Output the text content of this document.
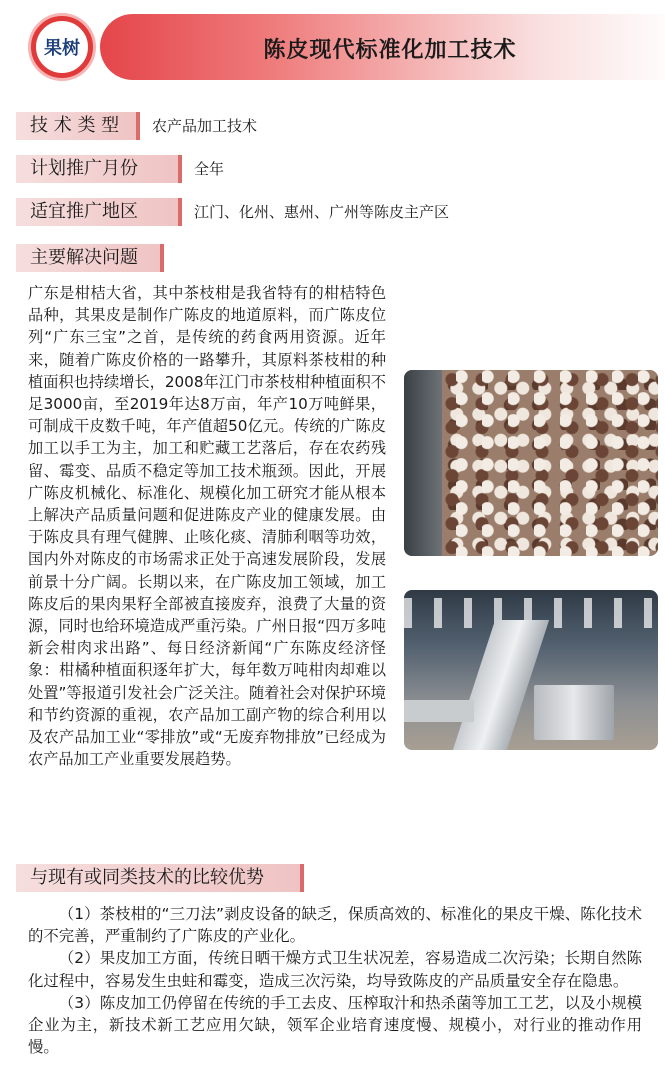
果树	陈皮现代标准化加工技术
技 术 类 型	农产品加工技术
计划推广月份	全年
适宜推广地区	江门、化州、惠州、广州等陈皮主产区
主要解决问题

广东是柑桔大省，其中茶枝柑是我省特有的柑桔特色品种，其果皮是制作广陈皮的地道原料，而广陈皮位列“广东三宝”之首，是传统的药食两用资源。近年来，随着广陈皮价格的一路攀升，其原料茶枝柑的种植面积也持续增长，2008年江门市茶枝柑种植面积不足3000亩，至2019年达8万亩，年产10万吨鲜果，可制成干皮数千吨，年产值超50亿元。传统的广陈皮加工以手工为主，加工和贮藏工艺落后，存在农药残留、霉变、品质不稳定等加工技术瓶颈。因此，开展广陈皮机械化、标准化、规模化加工研究才能从根本上解决产品质量问题和促进陈皮产业的健康发展。由于陈皮具有理气健脾、止咳化痰、清肺利咽等功效，国内外对陈皮的市场需求正处于高速发展阶段，发展前景十分广阔。长期以来，在广陈皮加工领域，加工陈皮后的果肉果籽全部被直接废弃，浪费了大量的资源，同时也给环境造成严重污染。广州日报“四万多吨新会柑肉求出路”、每日经济新闻“广东陈皮经济怪象：柑橘种植面积逐年扩大，每年数万吨柑肉却难以处置”等报道引发社会广泛关注。随着社会对保护环境和节约资源的重视，农产品加工副产物的综合利用以及农产品加工业“零排放”或“无废弃物排放”已经成为农产品加工产业重要发展趋势。

与现有或同类技术的比较优势

（1）茶枝柑的“三刀法”剥皮设备的缺乏，保质高效的、标准化的果皮干燥、陈化技术的不完善，严重制约了广陈皮的产业化。

（2）果皮加工方面，传统日晒干燥方式卫生状况差，容易造成二次污染；长期自然陈化过程中，容易发生虫蛀和霉变，造成三次污染，均导致陈皮的产品质量安全存在隐患。

（3）陈皮加工仍停留在传统的手工去皮、压榨取汁和热杀菌等加工工艺，以及小规模企业为主，新技术新工艺应用欠缺，领军企业培育速度慢、规模小，对行业的推动作用慢。
